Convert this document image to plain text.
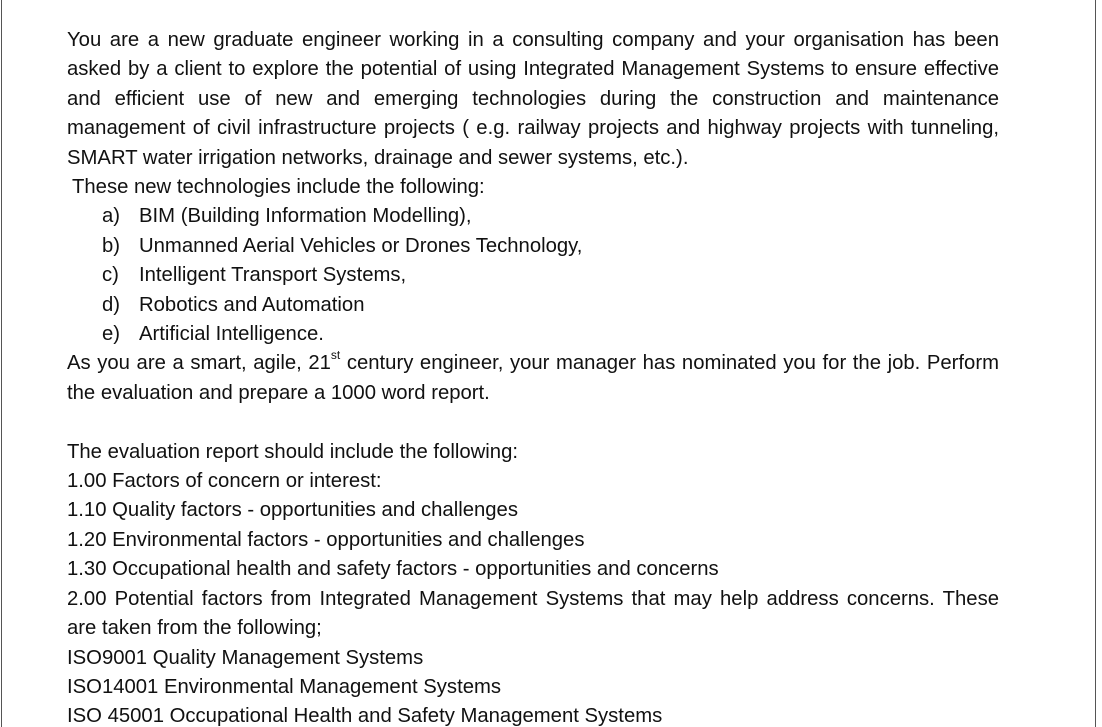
You are a new graduate engineer working in a consulting company and your organisation has been asked by a client to explore the potential of using Integrated Management Systems to ensure effective and efficient use of new and emerging technologies during the construction and maintenance management of civil infrastructure projects ( e.g. railway projects and highway projects with tunneling, SMART water irrigation networks, drainage and sewer systems, etc.).

These new technologies include the following:

a) BIM (Building Information Modelling),
b) Unmanned Aerial Vehicles or Drones Technology,
c) Intelligent Transport Systems,
d) Robotics and Automation
e) Artificial Intelligence.

As you are a smart, agile, 21st century engineer, your manager has nominated you for the job. Perform the evaluation and prepare a 1000 word report.

The evaluation report should include the following:

1.00 Factors of concern or interest:

1.10 Quality factors - opportunities and challenges

1.20 Environmental factors - opportunities and challenges

1.30 Occupational health and safety factors - opportunities and concerns

2.00 Potential factors from Integrated Management Systems that may help address concerns. These are taken from the following;

ISO9001 Quality Management Systems

ISO14001 Environmental Management Systems

ISO 45001 Occupational Health and Safety Management Systems
